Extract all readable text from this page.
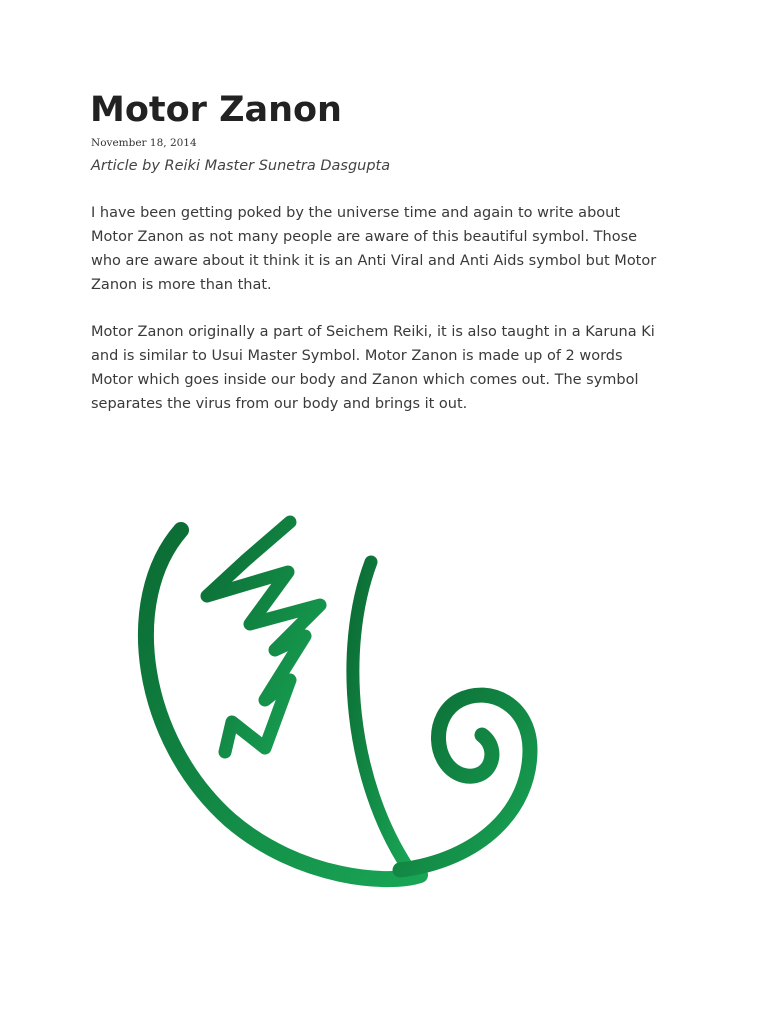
Motor Zanon
November 18, 2014
Article by Reiki Master Sunetra Dasgupta
I have been getting poked by the universe time and again to write about
Motor Zanon as not many people are aware of this beautiful symbol. Those
who are aware about it think it is an Anti Viral and Anti Aids symbol but Motor
Zanon is more than that.
Motor Zanon originally a part of Seichem Reiki, it is also taught in a Karuna Ki
and is similar to Usui Master Symbol. Motor Zanon is made up of 2 words
Motor which goes inside our body and Zanon which comes out. The symbol
separates the virus from our body and brings it out.
